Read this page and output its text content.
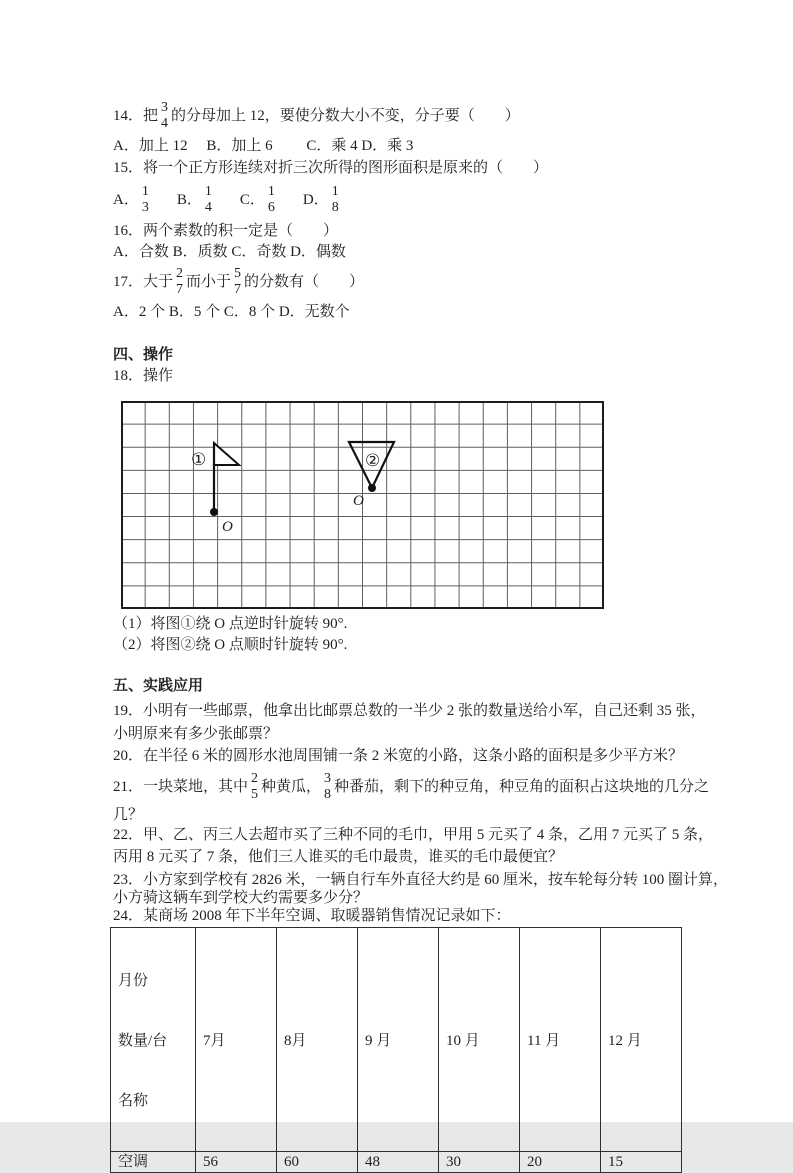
14．把 3
4 的分母加上 12，要使分数大小不变，分子要（　　）
A．加上 12　 B．加上 6　　 C．乘 4 D．乘 3
15．将一个正方形连续对折三次所得的图形面积是原来的（　　）
A． 1
3 B． 1
4 C． 1
6 D． 1
8
16．两个素数的积一定是（　　）
A．合数 B．质数 C．奇数 D．偶数
17．大于 2
7 而小于 5
7 的分数有（　　）
A．2 个 B．5 个 C．8 个 D．无数个
四、操作
18．操作
①
O
②
O
（1）将图①绕 O 点逆时针旋转 90°.
（2）将图②绕 O 点顺时针旋转 90°.
五、实践应用
19．小明有一些邮票，他拿出比邮票总数的一半少 2 张的数量送给小军，自己还剩 35 张，
小明原来有多少张邮票？
20．在半径 6 米的圆形水池周围铺一条 2 米宽的小路，这条小路的面积是多少平方米？
21．一块菜地，其中 2
5 种黄瓜， 3
8 种番茄，剩下的种豆角，种豆角的面积占这块地的几分之
几？
22．甲、乙、丙三人去超市买了三种不同的毛巾，甲用 5 元买了 4 条，乙用 7 元买了 5 条，
丙用 8 元买了 7 条，他们三人谁买的毛巾最贵，谁买的毛巾最便宜？
23．小方家到学校有 2826 米，一辆自行车外直径大约是 60 厘米，按车轮每分转 100 圈计算，
小方骑这辆车到学校大约需要多少分？
24．某商场 2008 年下半年空调、取暖器销售情况记录如下：

月份

数量/台

名称	7月	8月	9 月	10 月	11 月	12 月
空调	56	60	48	30	20	15
